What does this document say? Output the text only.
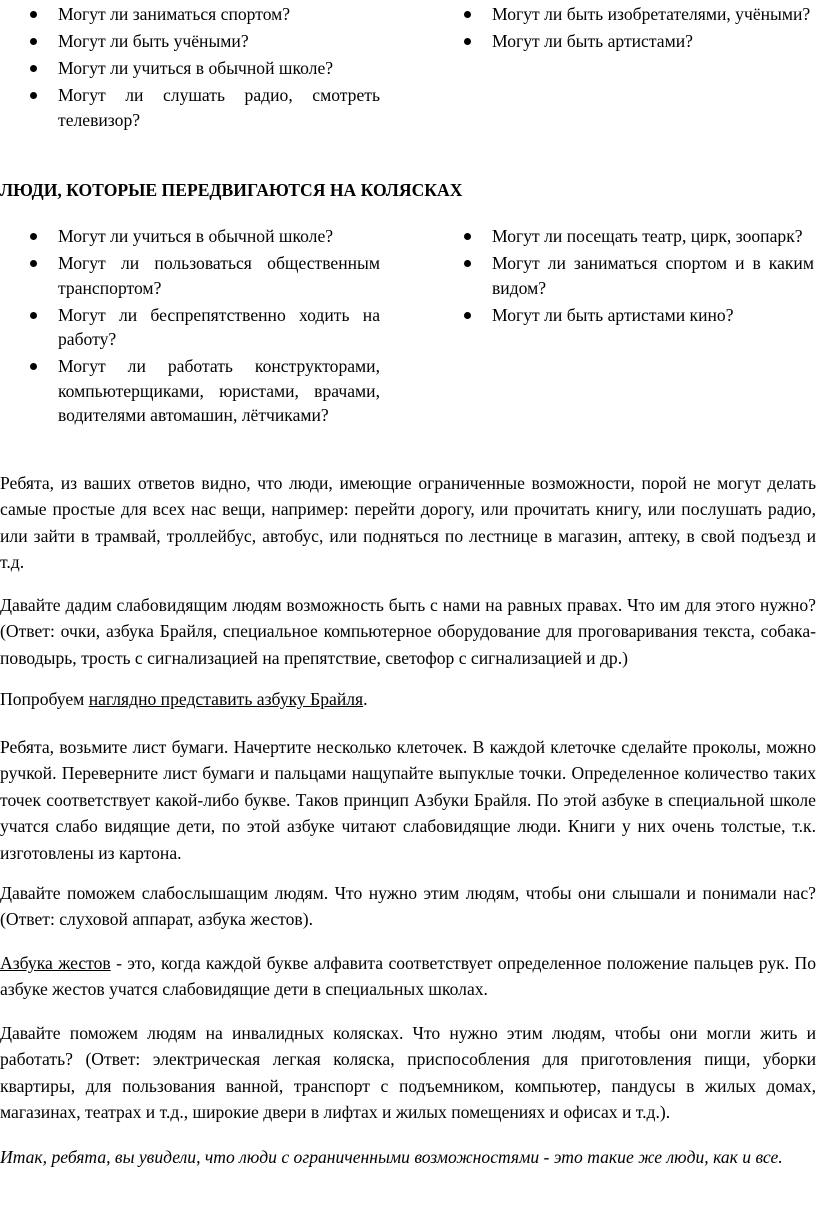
Могут ли заниматься спортом?
Могут ли быть учёными?
Могут ли учиться в обычной школе?
Могут ли слушать радио, смотреть телевизор?
Могут ли быть изобретателями, учёными?
Могут ли быть артистами?
ЛЮДИ, КОТОРЫЕ ПЕРЕДВИГАЮТСЯ НА КОЛЯСКАХ
Могут ли учиться в обычной школе?
Могут ли пользоваться общественным транспортом?
Могут ли беспрепятственно ходить на работу?
Могут ли работать конструкторами, компьютерщиками, юристами, врачами, водителями автомашин, лётчиками?
Могут ли посещать театр, цирк, зоопарк?
Могут ли заниматься спортом и в каким видом?
Могут ли быть артистами кино?

Ребята, из ваших ответов видно, что люди, имеющие ограниченные возможности, порой не могут делать самые простые для всех нас вещи, например: перейти дорогу, или прочитать книгу, или послушать радио, или зайти в трамвай, троллейбус, автобус, или подняться по лестнице в магазин, аптеку, в свой подъезд и т.д.

Давайте дадим слабовидящим людям возможность быть с нами на равных правах. Что им для этого нужно? (Ответ: очки, азбука Брайля, специальное компьютерное оборудование для проговаривания текста, собака-поводырь, трость с сигнализацией на препятствие, светофор с сигнализацией и др.)

Попробуем наглядно представить азбуку Брайля.

Ребята, возьмите лист бумаги. Начертите несколько клеточек. В каждой клеточке сделайте проколы, можно ручкой. Переверните лист бумаги и пальцами нащупайте выпуклые точки. Определенное количество таких точек соответствует какой-либо букве. Таков принцип Азбуки Брайля. По этой азбуке в специальной школе учатся слабо видящие дети, по этой азбуке читают слабовидящие люди. Книги у них очень толстые, т.к. изготовлены из картона.

Давайте поможем слабослышащим людям. Что нужно этим людям, чтобы они слышали и понимали нас? (Ответ: слуховой аппарат, азбука жестов).

Азбука жестов - это, когда каждой букве алфавита соответствует определенное положение пальцев рук. По азбуке жестов учатся слабовидящие дети в специальных школах.

Давайте поможем людям на инвалидных колясках. Что нужно этим людям, чтобы они могли жить и работать? (Ответ: электрическая легкая коляска, приспособления для приготовления пищи, уборки квартиры, для пользования ванной, транспорт с подъемником, компьютер, пандусы в жилых домах, магазинах, театрах и т.д., широкие двери в лифтах и жилых помещениях и офисах и т.д.).

Итак, ребята, вы увидели, что люди с ограниченными возможностями - это такие же люди, как и все.
